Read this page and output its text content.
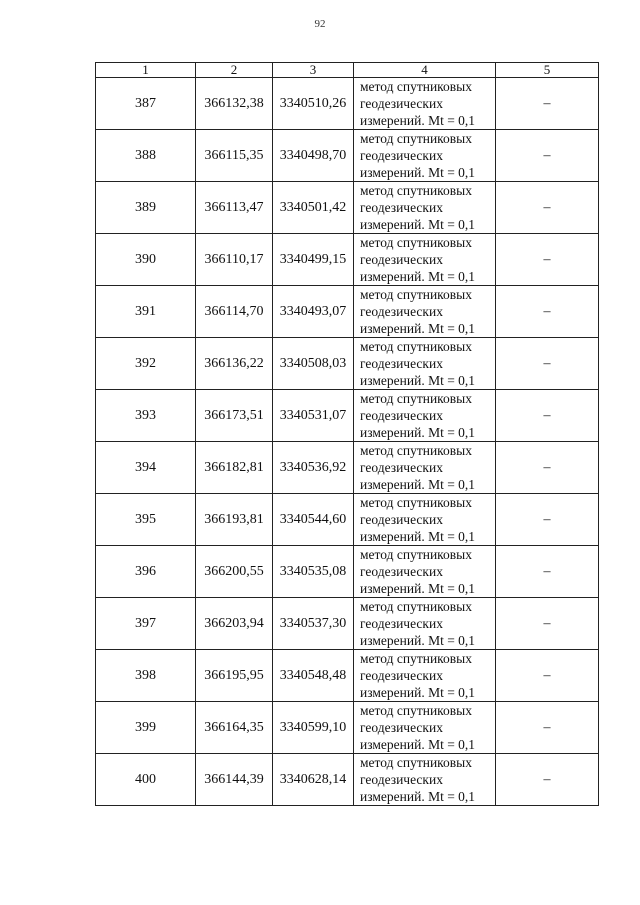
92
1	2	3	4	5
387	366132,38	3340510,26	метод спутниковых
геодезических
измерений. Mt = 0,1	–
388	366115,35	3340498,70	метод спутниковых
геодезических
измерений. Mt = 0,1	–
389	366113,47	3340501,42	метод спутниковых
геодезических
измерений. Mt = 0,1	–
390	366110,17	3340499,15	метод спутниковых
геодезических
измерений. Mt = 0,1	–
391	366114,70	3340493,07	метод спутниковых
геодезических
измерений. Mt = 0,1	–
392	366136,22	3340508,03	метод спутниковых
геодезических
измерений. Mt = 0,1	–
393	366173,51	3340531,07	метод спутниковых
геодезических
измерений. Mt = 0,1	–
394	366182,81	3340536,92	метод спутниковых
геодезических
измерений. Mt = 0,1	–
395	366193,81	3340544,60	метод спутниковых
геодезических
измерений. Mt = 0,1	–
396	366200,55	3340535,08	метод спутниковых
геодезических
измерений. Mt = 0,1	–
397	366203,94	3340537,30	метод спутниковых
геодезических
измерений. Mt = 0,1	–
398	366195,95	3340548,48	метод спутниковых
геодезических
измерений. Mt = 0,1	–
399	366164,35	3340599,10	метод спутниковых
геодезических
измерений. Mt = 0,1	–
400	366144,39	3340628,14	метод спутниковых
геодезических
измерений. Mt = 0,1	–
